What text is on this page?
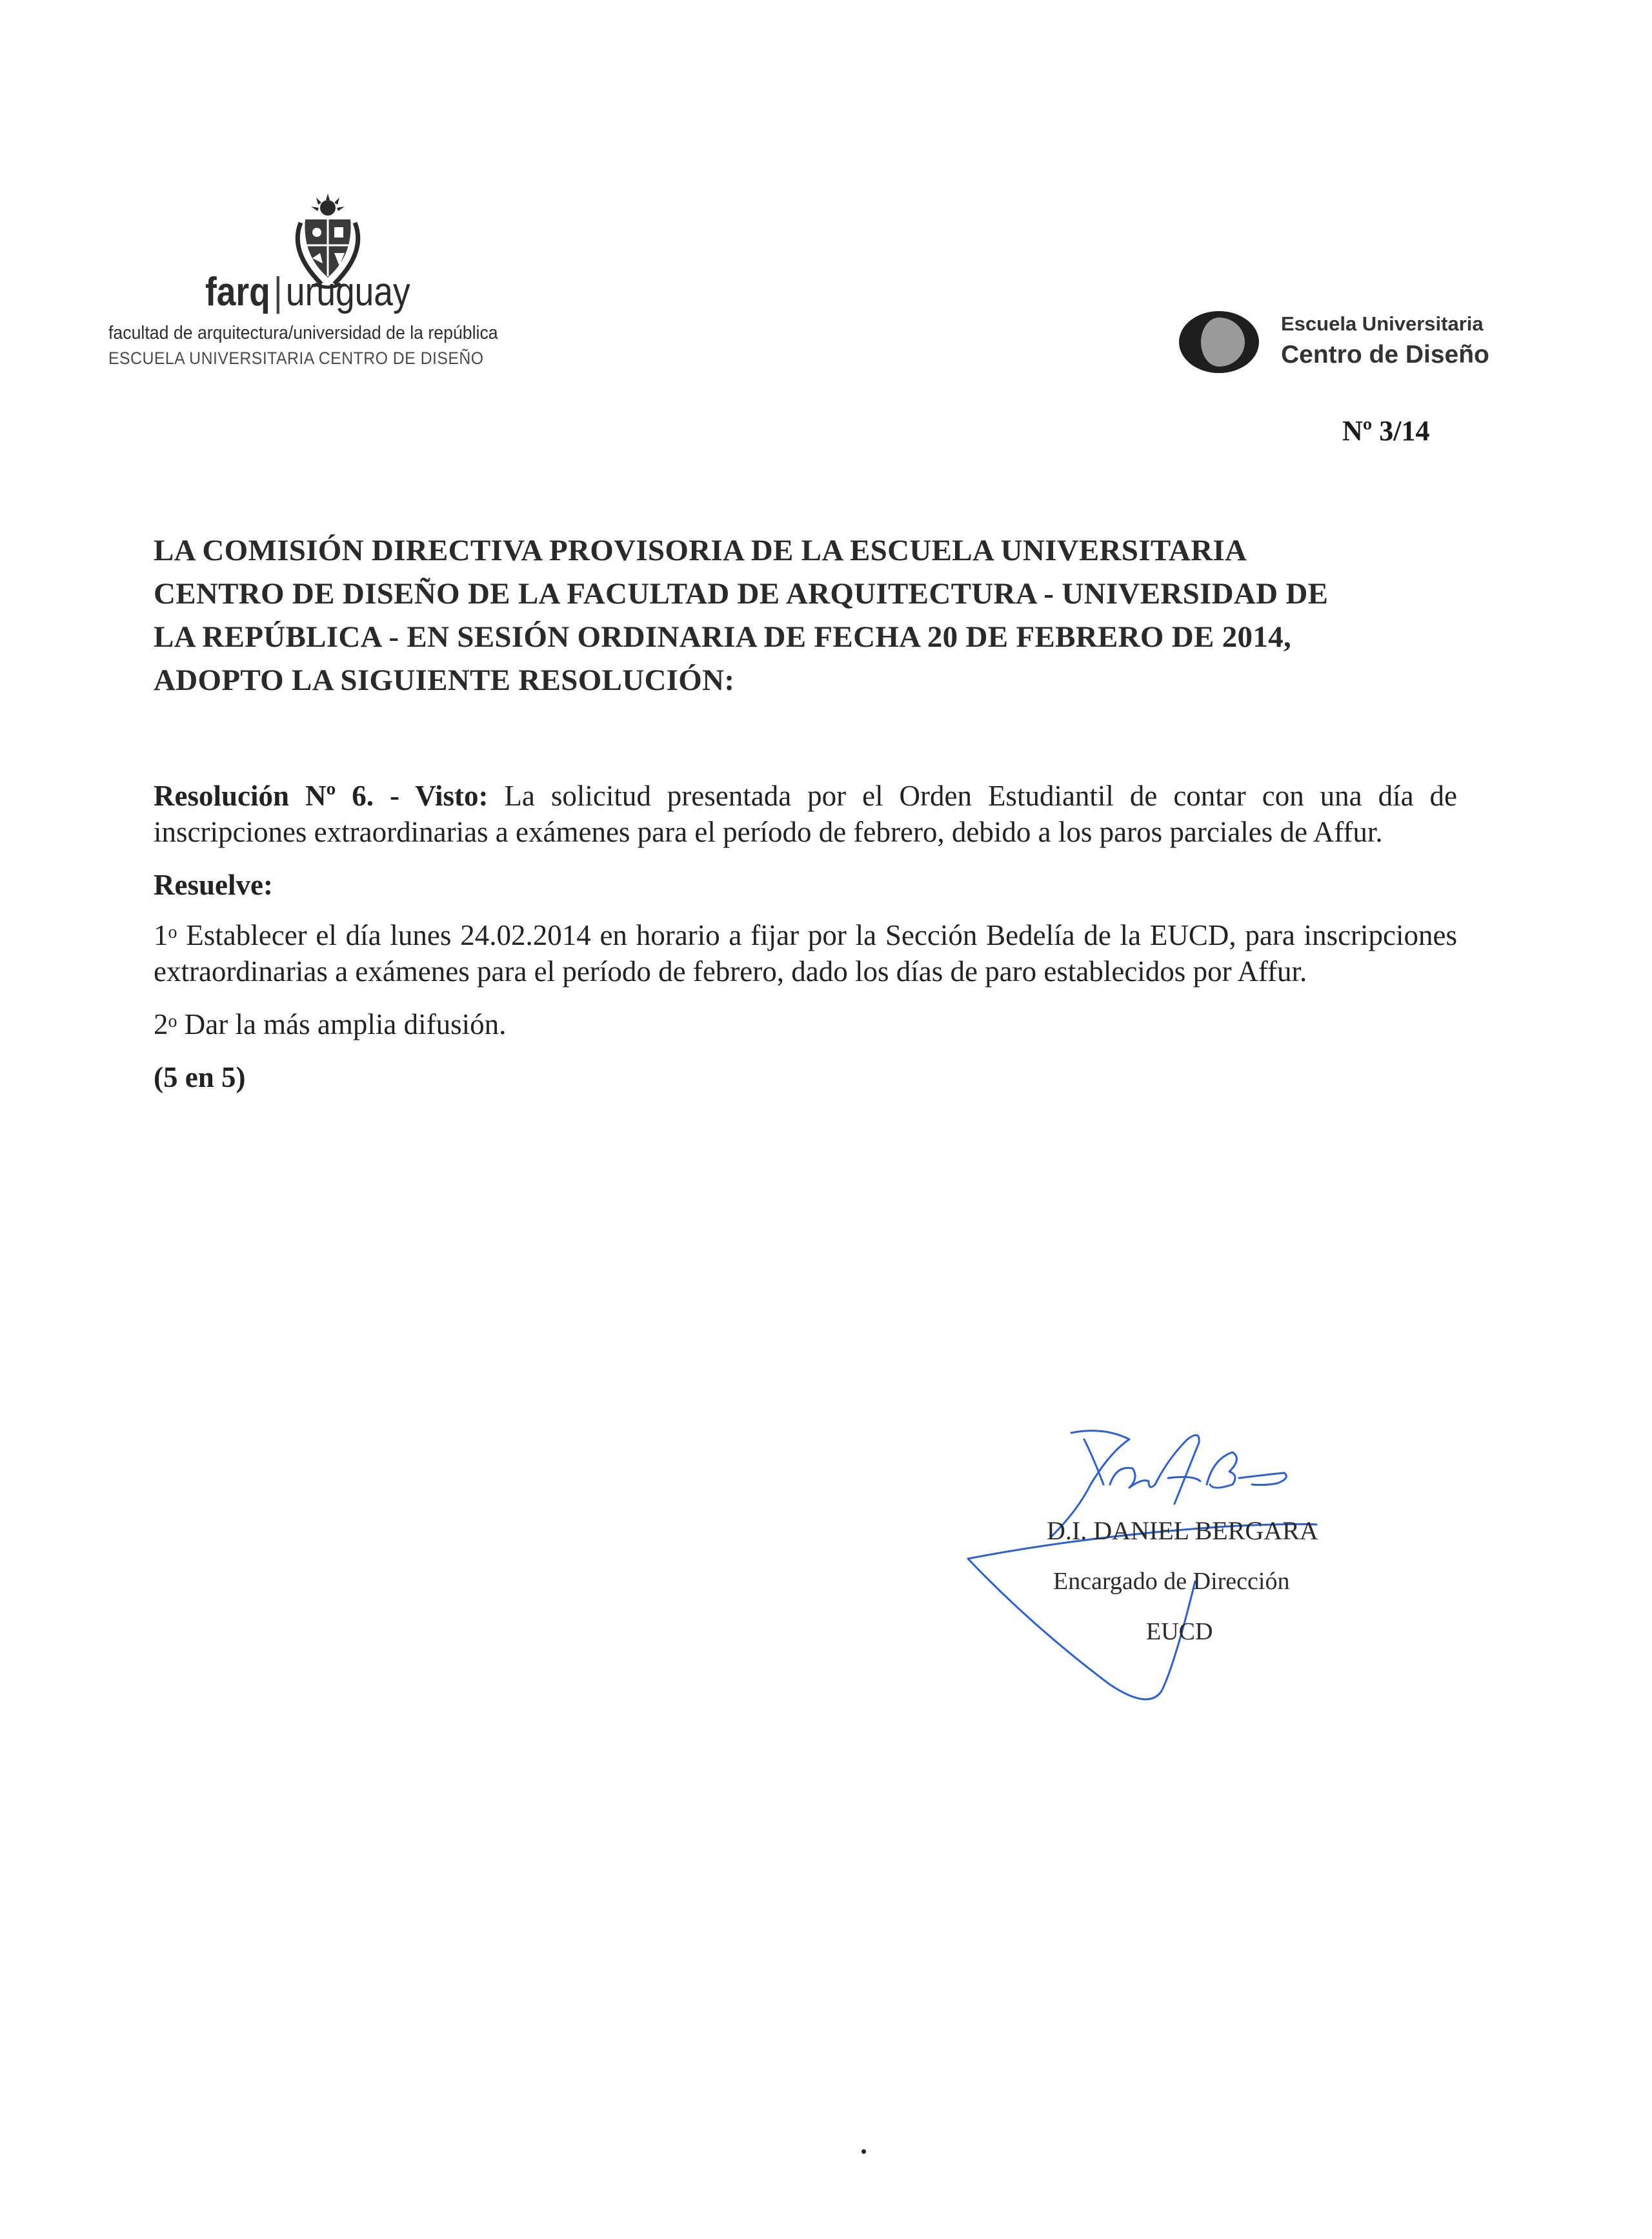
farq|uruguay
facultad de arquitectura/universidad de la república
ESCUELA UNIVERSITARIA CENTRO DE DISEÑO
Escuela Universitaria
Centro de Diseño
Nº 3/14
LA COMISIÓN DIRECTIVA PROVISORIA DE LA ESCUELA UNIVERSITARIA
CENTRO DE DISEÑO DE LA FACULTAD DE ARQUITECTURA - UNIVERSIDAD DE
LA REPÚBLICA - EN SESIÓN ORDINARIA DE FECHA 20 DE FEBRERO DE 2014,
ADOPTO LA SIGUIENTE RESOLUCIÓN:

Resolución Nº 6. - Visto: La solicitud presentada por el Orden Estudiantil de contar con una día de inscripciones extraordinarias a exámenes para el período de febrero, debido a los paros parciales de Affur.

Resuelve:

1$^o$ Establecer el día lunes 24.02.2014 en horario a fijar por la Sección Bedelía de la EUCD, para inscripciones extraordinarias a exámenes para el período de febrero, dado los días de paro establecidos por Affur.

2$^o$ Dar la más amplia difusión.

(5 en 5)

D.I. DANIEL BERGARA
Encargado de Dirección
EUCD
